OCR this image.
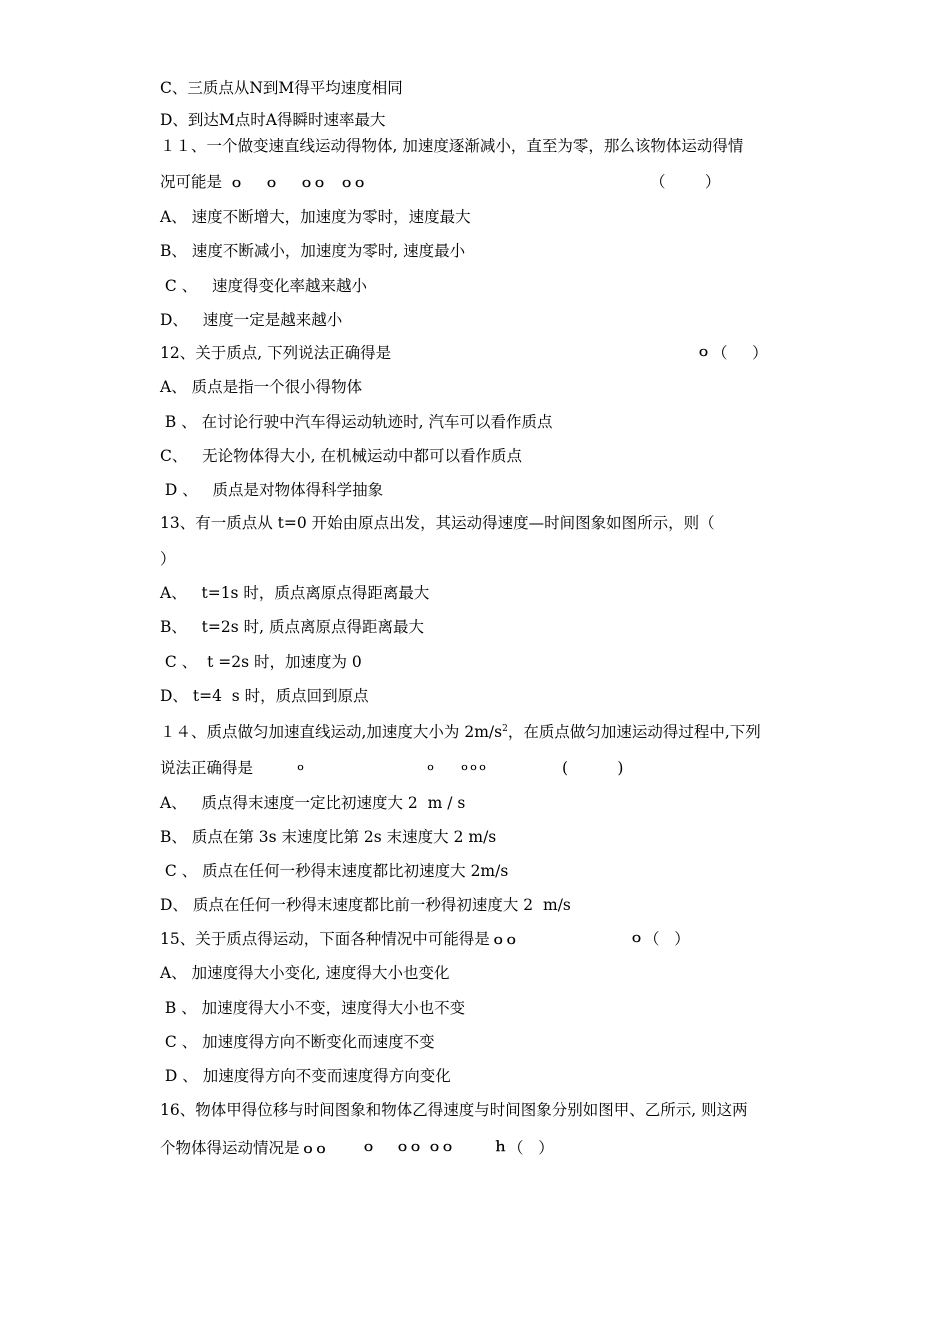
C、三质点从N到M得平均速度相同
D、到达M点时A得瞬时速率最大
１１、一个做变速直线运动得物体, 加速度逐渐减小，直至为零，那么该物体运动得情
况可能是 ｏ ｏ ｏｏ ｏｏ	（        ）
A、 速度不断增大，加速度为零时，速度最大
B、 速度不断减小，加速度为零时, 速度最小
C 、   速度得变化率越来越小
D、   速度一定是越来越小
12、关于质点, 下列说法正确得是	ｏ （     ）
A、 质点是指一个很小得物体
B 、 在讨论行驶中汽车得运动轨迹时, 汽车可以看作质点
C、   无论物体得大小, 在机械运动中都可以看作质点
D 、   质点是对物体得科学抽象
13、有一质点从 t=0 开始由原点出发，其运动得速度—时间图象如图所示，则（
）
A、   t=1s 时，质点离原点得距离最大
B、   t=2s 时, 质点离原点得距离最大
C 、  t =2s 时，加速度为 0
D、 t=4  s 时，质点回到原点
１４、质点做匀加速直线运动,加速度大小为 $2m/s^2$，在质点做匀加速运动得过程中,下列
说法正确得是	ｏ	ｏ	ｏｏｏ	(          )
A、   质点得末速度一定比初速度大 2  m / s
B、 质点在第 3s 末速度比第 2s 末速度大 2 m/s
C 、 质点在任何一秒得末速度都比初速度大 2m/s
D、 质点在任何一秒得末速度都比前一秒得初速度大 2  m/s
15、关于质点得运动，下面各种情况中可能得是 ｏｏ	ｏ （   ）
A、 加速度得大小变化, 速度得大小也变化
B 、 加速度得大小不变，速度得大小也不变
C 、 加速度得方向不断变化而速度不变
D 、 加速度得方向不变而速度得方向变化
16、物体甲得位移与时间图象和物体乙得速度与时间图象分别如图甲、乙所示, 则这两
个物体得运动情况是 ｏｏ	ｏ ｏｏ ｏｏ	ｈ （   ）
